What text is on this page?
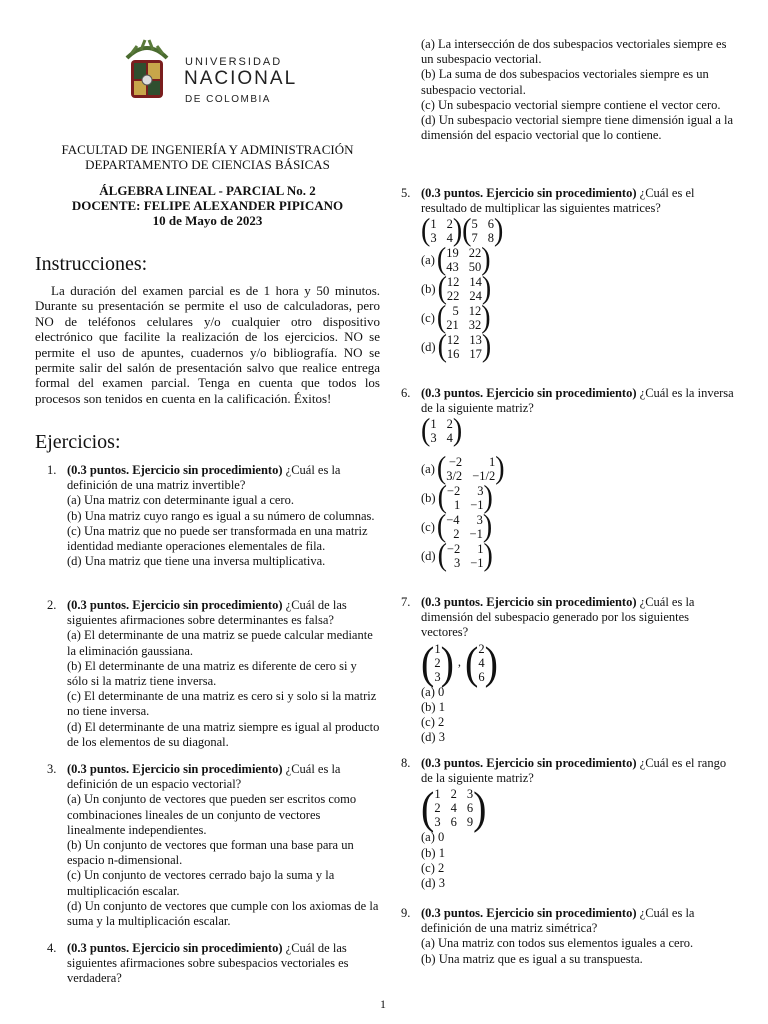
UNIVERSIDAD
NACIONAL
DE COLOMBIA
FACULTAD DE INGENIERÍA Y ADMINISTRACIÓN
DEPARTAMENTO DE CIENCIAS BÁSICAS
ÁLGEBRA LINEAL - PARCIAL No. 2
DOCENTE: FELIPE ALEXANDER PIPICANO
10 de Mayo de 2023
Instrucciones:

La duración del examen parcial es de 1 hora y 50 minutos. Durante su presentación se permite el uso de calculadoras, pero NO de teléfonos celulares y/o cualquier otro dispositivo electrónico que facilite la realización de los ejercicios. NO se permite el uso de apuntes, cuadernos y/o bibliografía. NO se permite salir del salón de presentación salvo que realice entrega formal del examen parcial. Tenga en cuenta que todos los procesos son tenidos en cuenta en la calificación. Éxitos!

Ejercicios:
1. (0.3 puntos. Ejercicio sin procedimiento) ¿Cuál es la definición de una matriz invertible?
(a) Una matriz con determinante igual a cero.
(b) Una matriz cuyo rango es igual a su número de columnas.
(c) Una matriz que no puede ser transformada en una matriz identidad mediante operaciones elementales de fila.
(d) Una matriz que tiene una inversa multiplicativa.
2. (0.3 puntos. Ejercicio sin procedimiento) ¿Cuál de las siguientes afirmaciones sobre determinantes es falsa?
(a) El determinante de una matriz se puede calcular mediante la eliminación gaussiana.
(b) El determinante de una matriz es diferente de cero si y sólo si la matriz tiene inversa.
(c) El determinante de una matriz es cero si y solo si la matriz no tiene inversa.
(d) El determinante de una matriz siempre es igual al producto de los elementos de su diagonal.
3. (0.3 puntos. Ejercicio sin procedimiento) ¿Cuál es la definición de un espacio vectorial?
(a) Un conjunto de vectores que pueden ser escritos como combinaciones lineales de un conjunto de vectores linealmente independientes.
(b) Un conjunto de vectores que forman una base para un espacio n-dimensional.
(c) Un conjunto de vectores cerrado bajo la suma y la multiplicación escalar.
(d) Un conjunto de vectores que cumple con los axiomas de la suma y la multiplicación escalar.
4. (0.3 puntos. Ejercicio sin procedimiento) ¿Cuál de las siguientes afirmaciones sobre subespacios vectoriales es verdadera?
(a) La intersección de dos subespacios vectoriales siempre es un subespacio vectorial.
(b) La suma de dos subespacios vectoriales siempre es un subespacio vectorial.
(c) Un subespacio vectorial siempre contiene el vector cero.
(d) Un subespacio vectorial siempre tiene dimensión igual a la dimensión del espacio vectorial que lo contiene.
5. (0.3 puntos. Ejercicio sin procedimiento) ¿Cuál es el resultado de multiplicar las siguientes matrices?
( 1 2
3 4 ) ( 5 6
7 8 )
(a) ( 19 22
43 50 )
(b) ( 12 14
22 24 )
(c) ( 5 12
21 32 )
(d) ( 12 13
16 17 )
6. (0.3 puntos. Ejercicio sin procedimiento) ¿Cuál es la inversa de la siguiente matriz?
( 1 2
3 4 )
(a) ( −2	1
3/2 −1/2 )
(b) ( −2	3
1 −1 )
(c) ( −4	3
2 −1 )
(d) ( −2	1
3 −1 )
7. (0.3 puntos. Ejercicio sin procedimiento) ¿Cuál es la dimensión del subespacio generado por los siguientes vectores?
( 1
2
3 ) , ( 2
4
6 )
(a) 0
(b) 1
(c) 2
(d) 3
8. (0.3 puntos. Ejercicio sin procedimiento) ¿Cuál es el rango de la siguiente matriz?
( 1 2 3
2 4 6
3 6 9 )
(a) 0
(b) 1
(c) 2
(d) 3
9. (0.3 puntos. Ejercicio sin procedimiento) ¿Cuál es la definición de una matriz simétrica?
(a) Una matriz con todos sus elementos iguales a cero.
(b) Una matriz que es igual a su transpuesta.
1
